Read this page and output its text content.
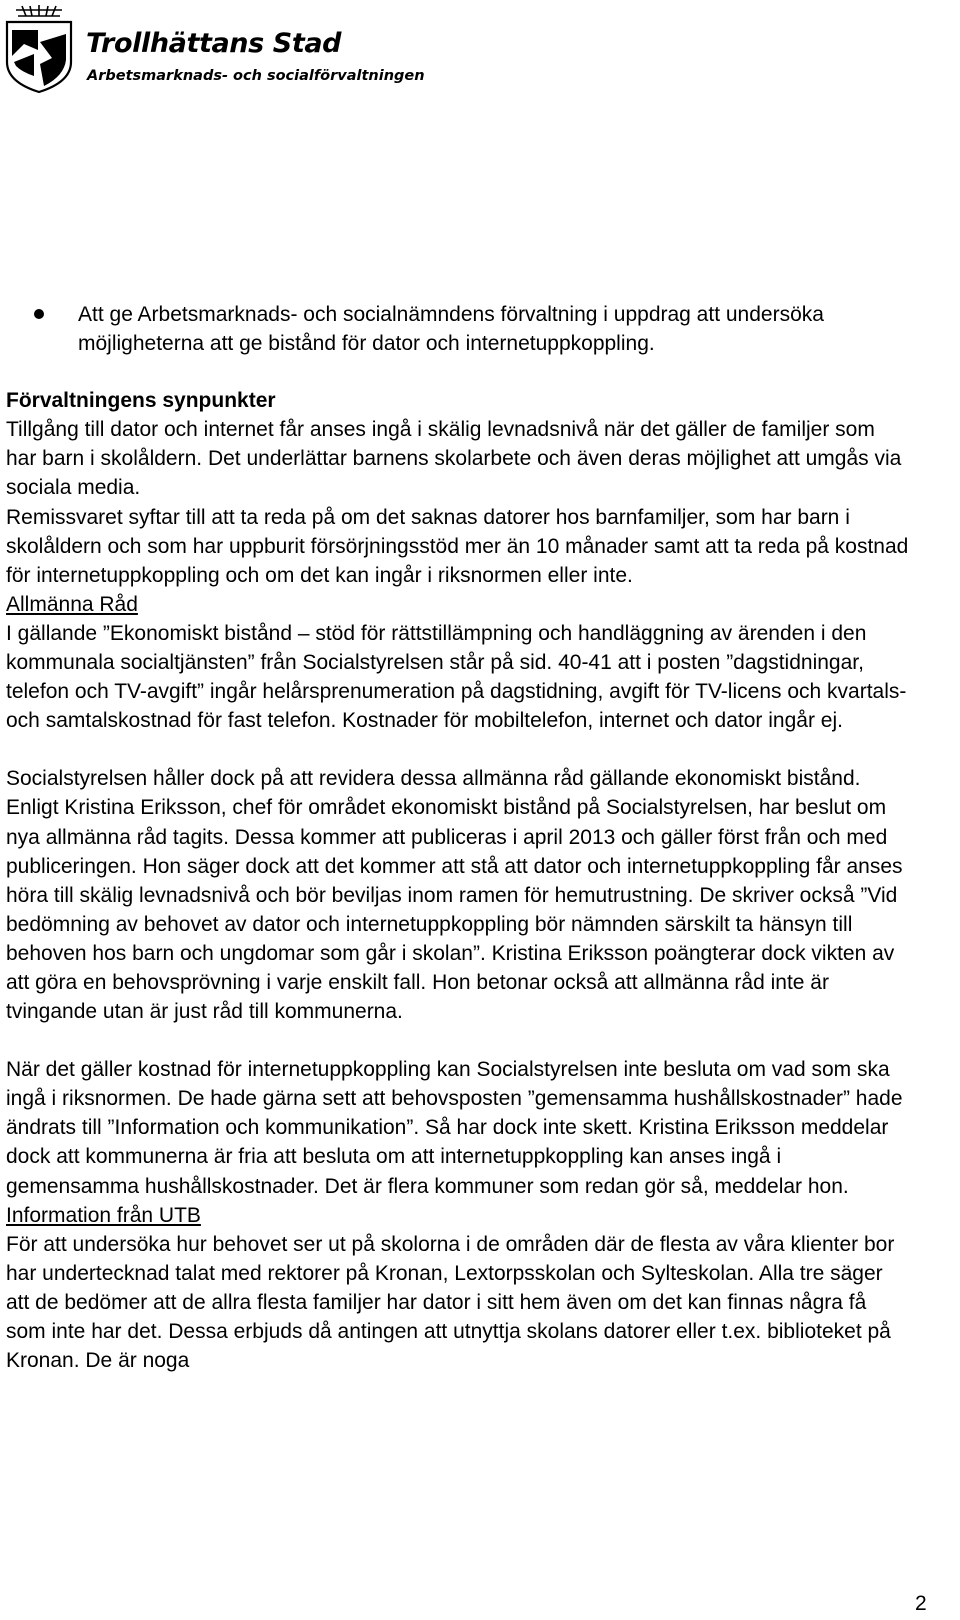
Trollhättans Stad

Arbetsmarknads- och socialförvaltningen

Att ge Arbetsmarknads- och socialnämndens förvaltning i uppdrag att undersöka möjligheterna att ge bistånd för dator och internetuppkoppling.

Förvaltningens synpunkter

Tillgång till dator och internet får anses ingå i skälig levnadsnivå när det gäller de familjer som har barn i skolåldern. Det underlättar barnens skolarbete och även deras möjlighet att umgås via sociala media.

Remissvaret syftar till att ta reda på om det saknas datorer hos barnfamiljer, som har barn i skolåldern och som har uppburit försörjningsstöd mer än 10 månader samt att ta reda på kostnad för internetuppkoppling och om det kan ingår i riksnormen eller inte.

Allmänna Råd

I gällande ”Ekonomiskt bistånd – stöd för rättstillämpning och handläggning av ärenden i den kommunala socialtjänsten” från Socialstyrelsen står på sid. 40-41 att i posten ”dagstidningar, telefon och TV-avgift” ingår helårsprenumeration på dagstidning, avgift för TV-licens och kvartals- och samtalskostnad för fast telefon. Kostnader för mobiltelefon, internet och dator ingår ej.

Socialstyrelsen håller dock på att revidera dessa allmänna råd gällande ekonomiskt bistånd. Enligt Kristina Eriksson, chef för området ekonomiskt bistånd på Socialstyrelsen, har beslut om nya allmänna råd tagits. Dessa kommer att publiceras i april 2013 och gäller först från och med publiceringen. Hon säger dock att det kommer att stå att dator och internetuppkoppling får anses höra till skälig levnadsnivå och bör beviljas inom ramen för hemutrustning. De skriver också ”Vid bedömning av behovet av dator och internetuppkoppling bör nämnden särskilt ta hänsyn till behoven hos barn och ungdomar som går i skolan”. Kristina Eriksson poängterar dock vikten av att göra en behovsprövning i varje enskilt fall. Hon betonar också att allmänna råd inte är tvingande utan är just råd till kommunerna.

När det gäller kostnad för internetuppkoppling kan Socialstyrelsen inte besluta om vad som ska ingå i riksnormen. De hade gärna sett att behovsposten ”gemensamma hushållskostnader” hade ändrats till ”Information och kommunikation”. Så har dock inte skett. Kristina Eriksson meddelar dock att kommunerna är fria att besluta om att internetuppkoppling kan anses ingå i gemensamma hushållskostnader. Det är flera kommuner som redan gör så, meddelar hon.

Information från UTB

För att undersöka hur behovet ser ut på skolorna i de områden där de flesta av våra klienter bor har undertecknad talat med rektorer på Kronan, Lextorpsskolan och Sylteskolan. Alla tre säger att de bedömer att de allra flesta familjer har dator i sitt hem även om det kan finnas några få som inte har det. Dessa erbjuds då antingen att utnyttja skolans datorer eller t.ex. biblioteket på Kronan. De är noga

2
